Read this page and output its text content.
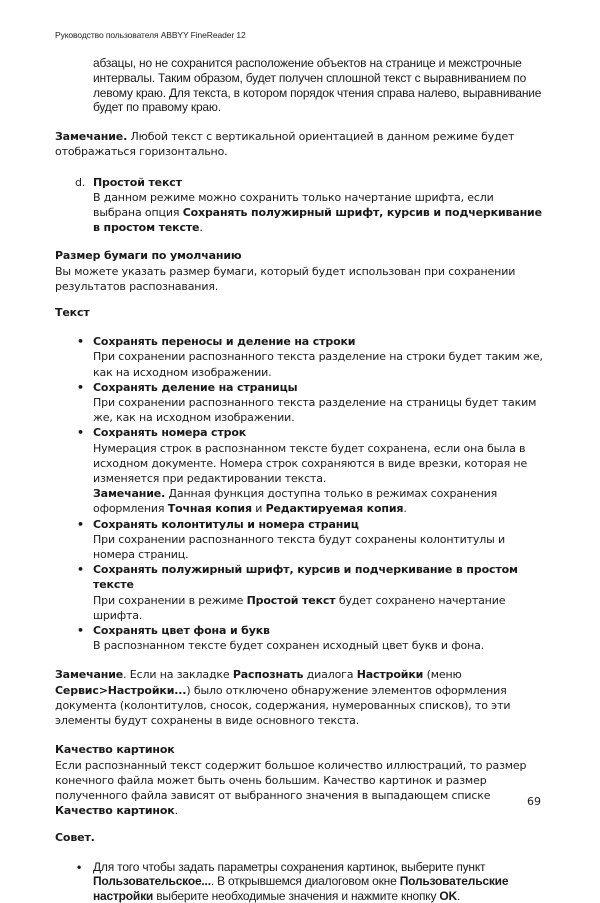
Руководство пользователя ABBYY FineReader 12

абзацы, но не сохранится расположение объектов на странице и межстрочные интервалы. Таким образом, будет получен сплошной текст с выравниванием по левому краю. Для текста, в котором порядок чтения справа налево, выравнивание будет по правому краю.

Замечание. Любой текст с вертикальной ориентацией в данном режиме будет отображаться горизонтально.

d. Простой текст

В данном режиме можно сохранить только начертание шрифта, если выбрана опция Сохранять полужирный шрифт, курсив и подчеркивание в простом тексте.

Размер бумаги по умолчанию

Вы можете указать размер бумаги, который будет использован при сохранении результатов распознавания.

Текст

• Сохранять переносы и деление на строки

При сохранении распознанного текста разделение на строки будет таким же, как на исходном изображении.

• Сохранять деление на страницы

При сохранении распознанного текста разделение на страницы будет таким же, как на исходном изображении.

• Сохранять номера строк

Нумерация строк в распознанном тексте будет сохранена, если она была в исходном документе. Номера строк сохраняются в виде врезки, которая не изменяется при редактировании текста.

Замечание. Данная функция доступна только в режимах сохранения оформления Точная копия и Редактируемая копия.

• Сохранять колонтитулы и номера страниц

При сохранении распознанного текста будут сохранены колонтитулы и номера страниц.

• Сохранять полужирный шрифт, курсив и подчеркивание в простом тексте

При сохранении в режиме Простой текст будет сохранено начертание шрифта.

• Сохранять цвет фона и букв

В распознанном тексте будет сохранен исходный цвет букв и фона.

Замечание. Если на закладке Распознать диалога Настройки (меню Сервис>Настройки...) было отключено обнаружение элементов оформления документа (колонтитулов, сносок, содержания, нумерованных списков), то эти элементы будут сохранены в виде основного текста.

Качество картинок

Если распознанный текст содержит большое количество иллюстраций, то размер конечного файла может быть очень большим. Качество картинок и размер полученного файла зависят от выбранного значения в выпадающем списке Качество картинок.

Совет.

• Для того чтобы задать параметры сохранения картинок, выберите пункт Пользовательское.... В открывшемся диалоговом окне Пользовательские настройки выберите необходимые значения и нажмите кнопку OK.

69
